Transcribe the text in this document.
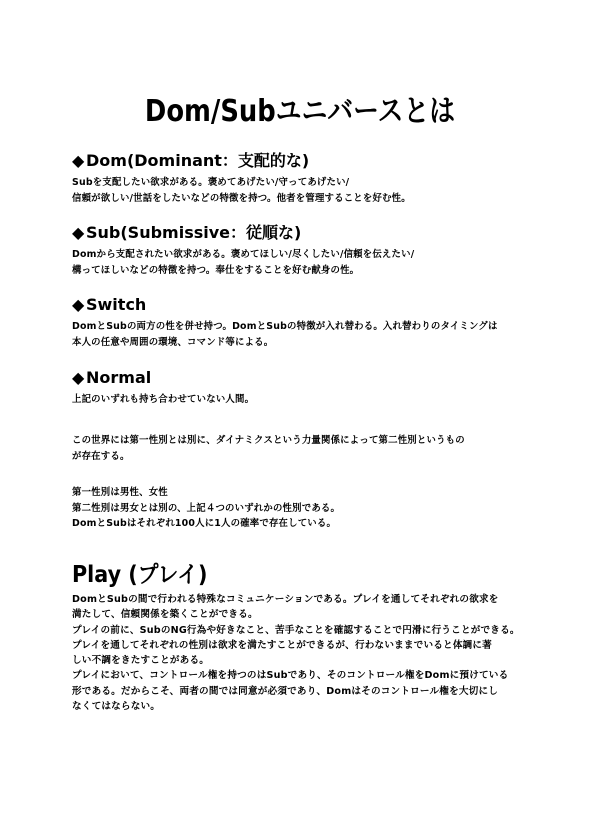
Dom/Subユニバースとは
◆ Dom(Dominant：支配的な)
Subを支配したい欲求がある。褒めてあげたい/守ってあげたい/
信頼が欲しい/世話をしたいなどの特徴を持つ。他者を管理することを好む性。
◆ Sub(Submissive：従順な)
Domから支配されたい欲求がある。褒めてほしい/尽くしたい/信頼を伝えたい/
構ってほしいなどの特徴を持つ。奉仕をすることを好む献身の性。
◆ Switch
DomとSubの両方の性を併せ持つ。DomとSubの特徴が入れ替わる。入れ替わりのタイミングは
本人の任意や周囲の環境、コマンド等による。
◆ Normal
上記のいずれも持ち合わせていない人間。
この世界には第一性別とは別に、ダイナミクスという力量関係によって第二性別というもの
が存在する。
第一性別は男性、女性
第二性別は男女とは別の、上記４つのいずれかの性別である。
DomとSubはそれぞれ100人に1人の確率で存在している。
Play (プレイ)
DomとSubの間で行われる特殊なコミュニケーションである。プレイを通してそれぞれの欲求を
満たして、信頼関係を築くことができる。
プレイの前に、SubのNG行為や好きなこと、苦手なことを確認することで円滑に行うことができる。
プレイを通してそれぞれの性別は欲求を満たすことができるが、行わないままでいると体調に著
しい不調をきたすことがある。
プレイにおいて、コントロール権を持つのはSubであり、そのコントロール権をDomに預けている
形である。だからこそ、両者の間では同意が必須であり、Domはそのコントロール権を大切にし
なくてはならない。
